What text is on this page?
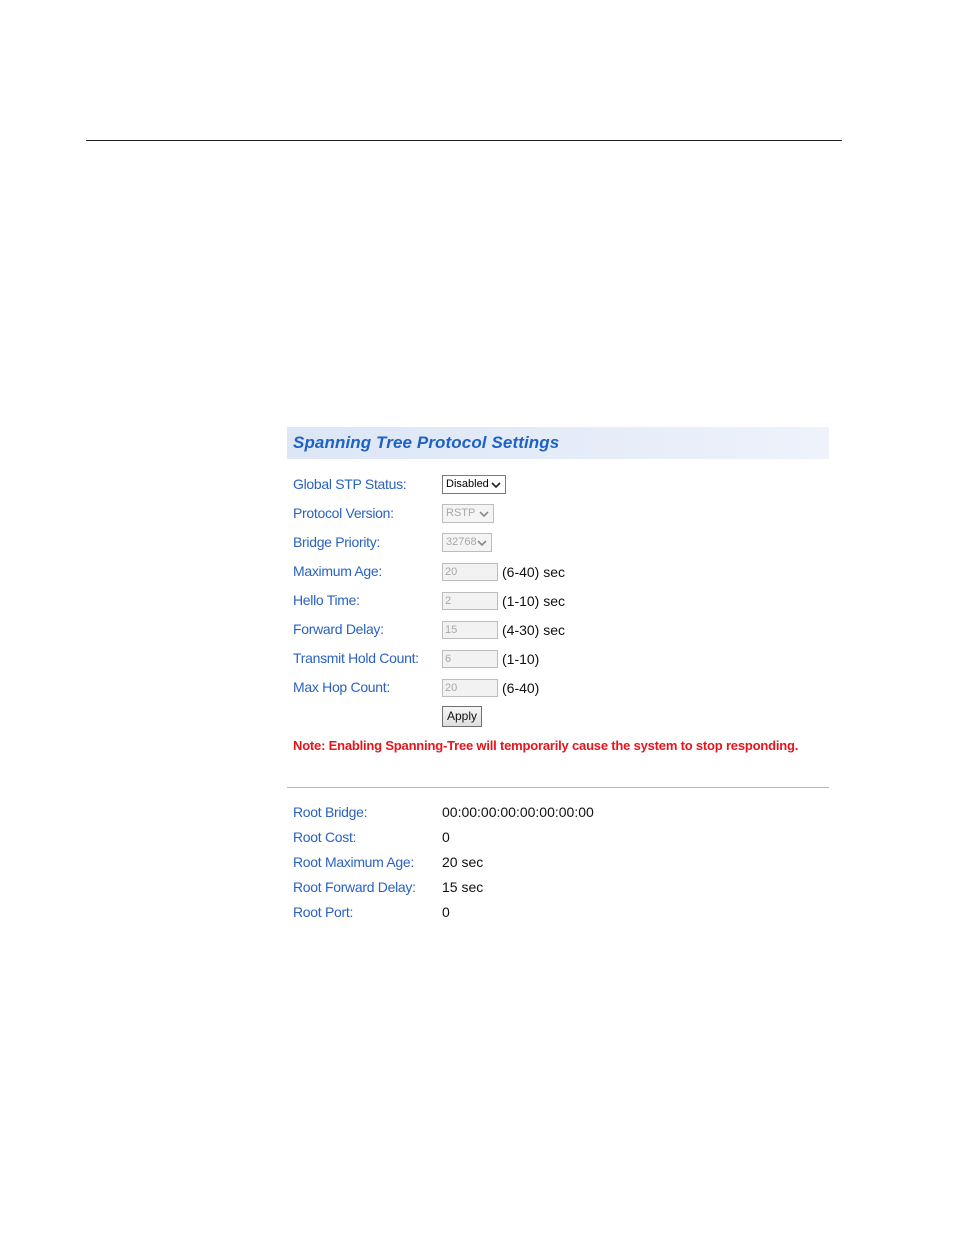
Spanning Tree Protocol Settings
Global STP Status:	Disabled
Protocol Version:	RSTP
Bridge Priority:	32768
Maximum Age:	20	(6-40) sec
Hello Time:	2	(1-10) sec
Forward Delay:	15	(4-30) sec
Transmit Hold Count: 6	(1-10)
Max Hop Count:	20	(6-40)
Apply
Note: Enabling Spanning-Tree will temporarily cause the system to stop responding.
Root Bridge:	00:00:00:00:00:00:00:00
Root Cost:	0
Root Maximum Age: 20 sec
Root Forward Delay: 15 sec
Root Port:	0
